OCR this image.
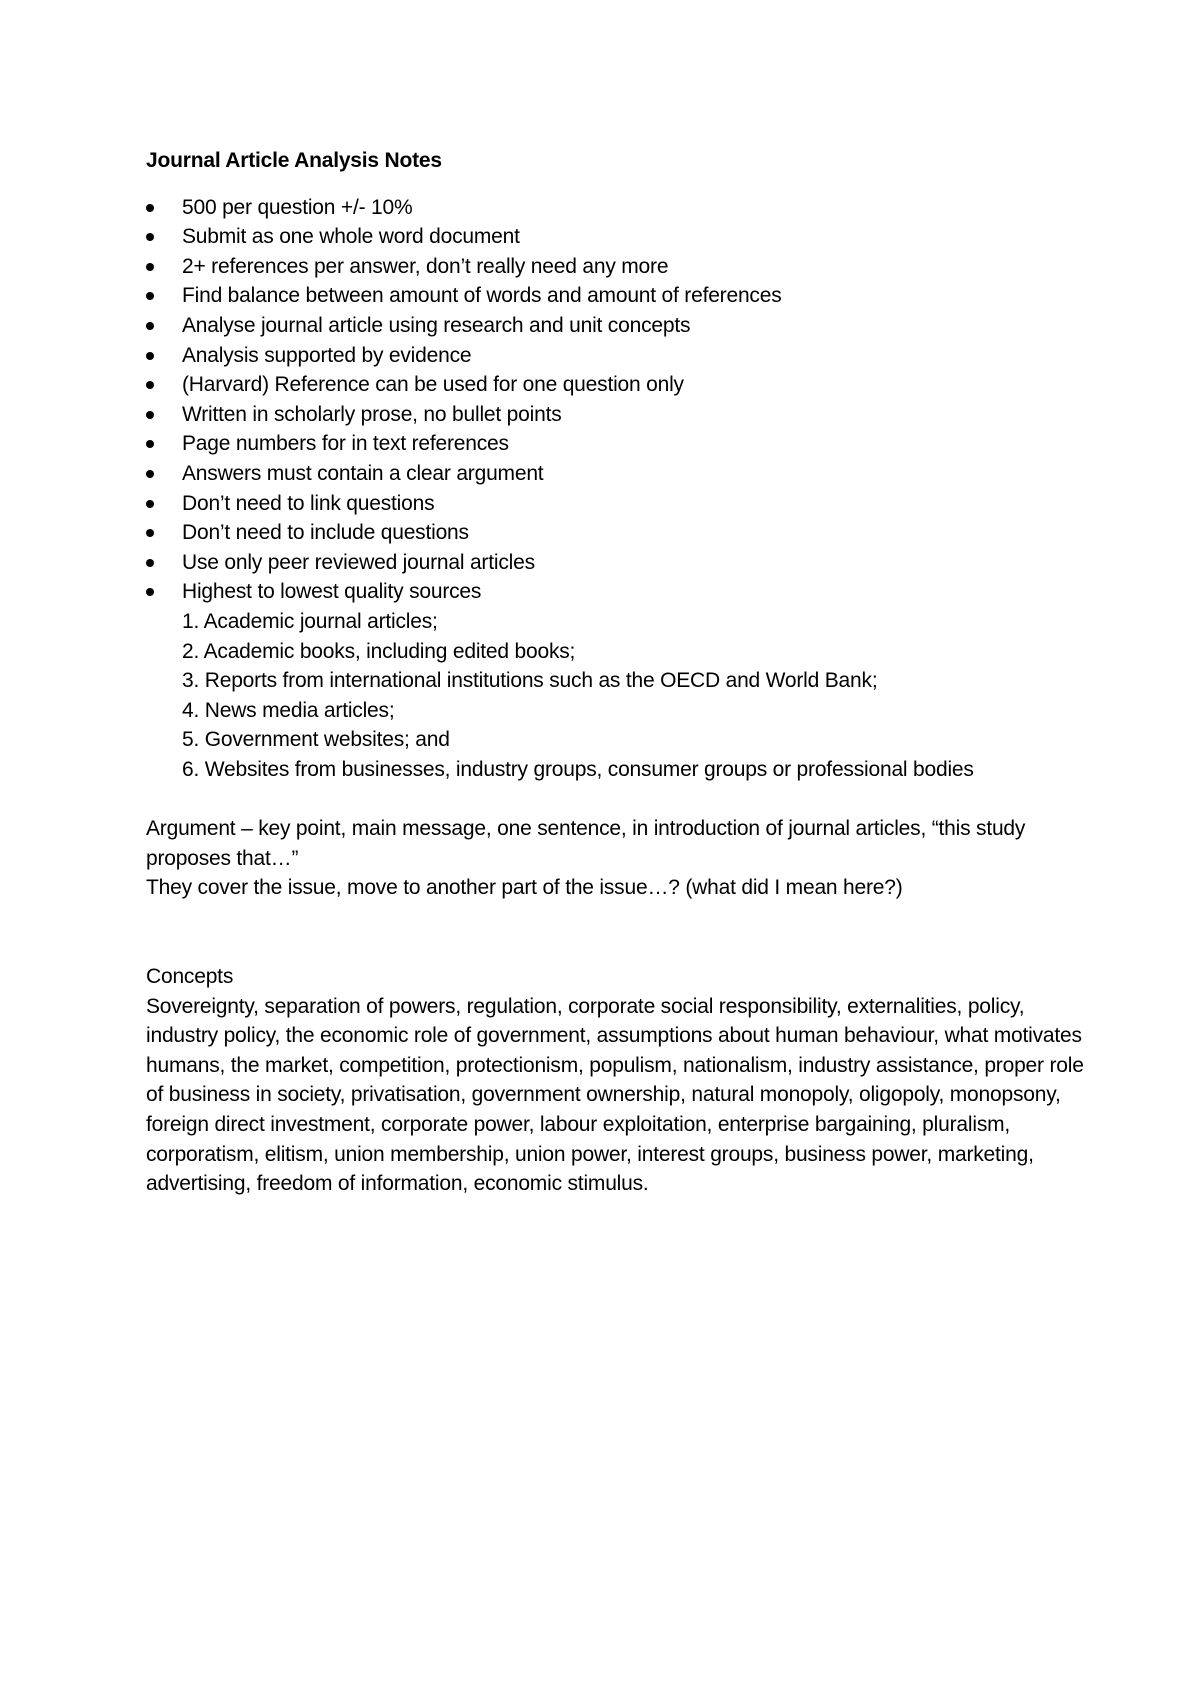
Journal Article Analysis Notes
500 per question +/- 10%
Submit as one whole word document
2+ references per answer, don’t really need any more
Find balance between amount of words and amount of references
Analyse journal article using research and unit concepts
Analysis supported by evidence
(Harvard) Reference can be used for one question only
Written in scholarly prose, no bullet points
Page numbers for in text references
Answers must contain a clear argument
Don’t need to link questions
Don’t need to include questions
Use only peer reviewed journal articles
Highest to lowest quality sources
1. Academic journal articles;
2. Academic books, including edited books;
3. Reports from international institutions such as the OECD and World Bank;
4. News media articles;
5. Government websites; and
6. Websites from businesses, industry groups, consumer groups or professional bodies

Argument – key point, main message, one sentence, in introduction of journal articles, “this study proposes that…”

They cover the issue, move to another part of the issue…? (what did I mean here?)

Concepts

Sovereignty, separation of powers, regulation, corporate social responsibility, externalities, policy, industry policy, the economic role of government, assumptions about human behaviour, what motivates humans, the market, competition, protectionism, populism, nationalism, industry assistance, proper role of business in society, privatisation, government ownership, natural monopoly, oligopoly, monopsony, foreign direct investment, corporate power, labour exploitation, enterprise bargaining, pluralism, corporatism, elitism, union membership, union power, interest groups, business power, marketing, advertising, freedom of information, economic stimulus.
